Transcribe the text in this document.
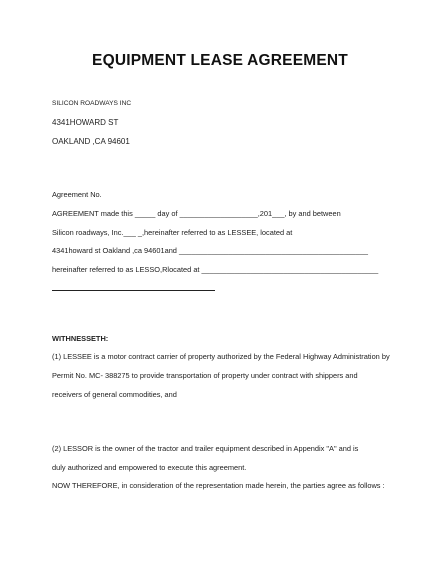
EQUIPMENT LEASE AGREEMENT
SILICON ROADWAYS INC
4341HOWARD ST
OAKLAND ,CA 94601
Agreement No.
AGREEMENT made this _____ day of ___________________,201___, by and between
Silicon roadways, Inc.___ _,hereinafter referred to as LESSEE, located at
4341howard st Oakland ,ca 94601and ______________________________________________
hereinafter referred to as LESSO,Rlocated at ___________________________________________
WITHNESSETH:
(1) LESSEE is a motor contract carrier of property authorized by the Federal Highway Administration by
Permit No. MC- 388275 to provide transportation of property under contract with shippers and
receivers of general commodities, and
(2) LESSOR is the owner of the tractor and trailer equipment described in Appendix "A" and is
duly authorized and empowered to execute this agreement.
NOW THEREFORE, in consideration of the representation made herein, the parties agree as follows :
